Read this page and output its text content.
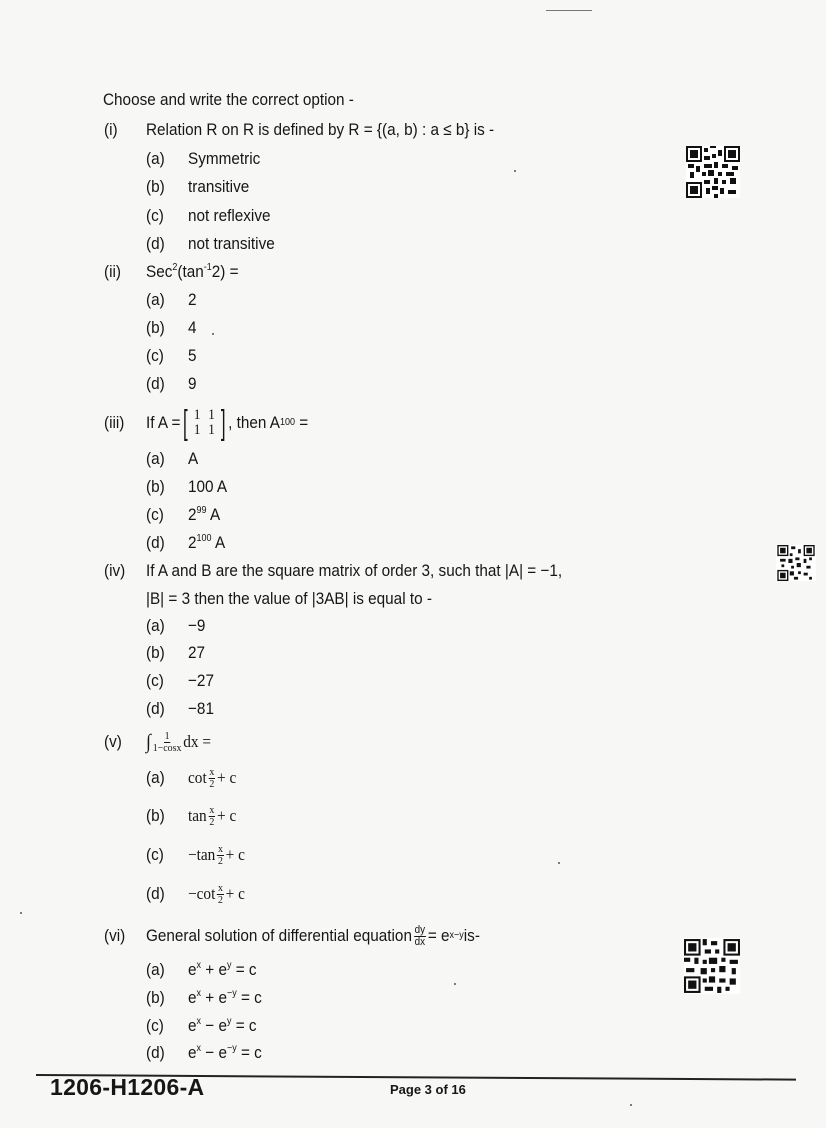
Choose and write the correct option -
(i) Relation R on R is defined by R = {(a, b) : a ≤ b} is -
(a) Symmetric
(b) transitive
(c) not reflexive
(d) not transitive
(ii) $Sec^2(\tan^{-1}2)$ =
(a) 2
(b) 4
(c) 5
(d) 9
(iii) If A = [ 1 1
1 1 ] , then A 100
=
(a) A
(b) 100 A
(c) $2^{99}$ A
(d) $2^{100}$ A
(iv) If A and B are the square matrix of order 3, such that |A| = −1,
|B| = 3 then the value of |3AB| is equal to -
(a) −9
(b) 27
(c) −27
(d) −81
(v) ∫ $\frac{1}{1-\cos x}$ dx =
(a) $\cot \frac{x}{2} + c$
(b) $\tan \frac{x}{2} + c$
$(c) -\tan \frac{x}{2} + c$
$(d) -\cot \frac{x}{2} + c$
(vi) General solution of differential equation $\frac{dy}{dx} = e$ x−y is-
(a) $e^x + e^y = c$
(b) $e^x + e^{-y} = c$
(c) $e^x - e^y = c$
(d) $e^x - e^{-y} = c$
1206-H1206-A	Page 3 of 16
